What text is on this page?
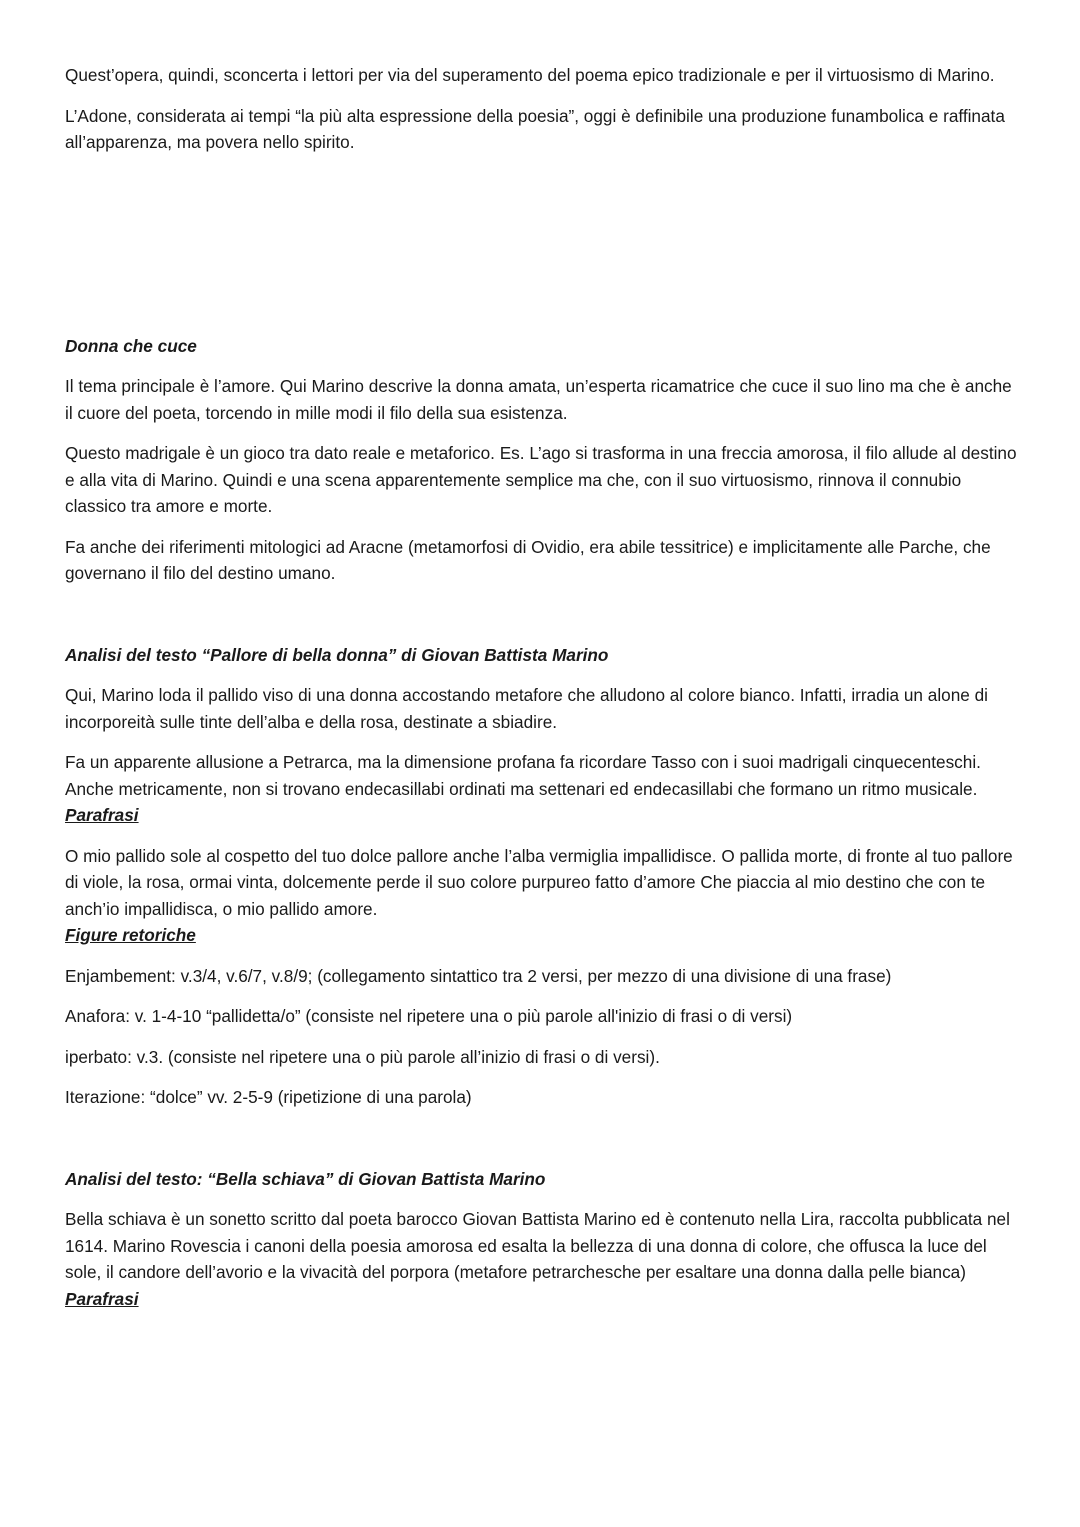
Quest’opera, quindi, sconcerta i lettori per via del superamento del poema epico tradizionale e per il virtuosismo di Marino.

L’Adone, considerata ai tempi “la più alta espressione della poesia”, oggi è definibile una produzione funambolica e raffinata all’apparenza, ma povera nello spirito.

Donna che cuce

Il tema principale è l’amore. Qui Marino descrive la donna amata, un’esperta ricamatrice che cuce il suo lino ma che è anche il cuore del poeta, torcendo in mille modi il filo della sua esistenza.

Questo madrigale è un gioco tra dato reale e metaforico. Es. L’ago si trasforma in una freccia amorosa, il filo allude al destino e alla vita di Marino. Quindi e una scena apparentemente semplice ma che, con il suo virtuosismo, rinnova il connubio classico tra amore e morte.

Fa anche dei riferimenti mitologici ad Aracne (metamorfosi di Ovidio, era abile tessitrice) e implicitamente alle Parche, che governano il filo del destino umano.

Analisi del testo “Pallore di bella donna” di Giovan Battista Marino

Qui, Marino loda il pallido viso di una donna accostando metafore che alludono al colore bianco. Infatti, irradia un alone di incorporeità sulle tinte dell’alba e della rosa, destinate a sbiadire.

Fa un apparente allusione a Petrarca, ma la dimensione profana fa ricordare Tasso con i suoi madrigali cinquecenteschi. Anche metricamente, non si trovano endecasillabi ordinati ma settenari ed endecasillabi che formano un ritmo musicale.

Parafrasi

O mio pallido sole al cospetto del tuo dolce pallore anche l’alba vermiglia impallidisce. O pallida morte, di fronte al tuo pallore di viole, la rosa, ormai vinta, dolcemente perde il suo colore purpureo fatto d’amore Che piaccia al mio destino che con te anch’io impallidisca, o mio pallido amore.

Figure retoriche

Enjambement: v.3/4, v.6/7, v.8/9; (collegamento sintattico tra 2 versi, per mezzo di una divisione di una frase)

Anafora: v. 1-4-10 “pallidetta/o” (consiste nel ripetere una o più parole all'inizio di frasi o di versi)

iperbato: v.3. (consiste nel ripetere una o più parole all’inizio di frasi o di versi).

Iterazione: “dolce” vv. 2-5-9 (ripetizione di una parola)

Analisi del testo: “Bella schiava” di Giovan Battista Marino

Bella schiava è un sonetto scritto dal poeta barocco Giovan Battista Marino ed è contenuto nella Lira, raccolta pubblicata nel 1614. Marino Rovescia i canoni della poesia amorosa ed esalta la bellezza di una donna di colore, che offusca la luce del sole, il candore dell’avorio e la vivacità del porpora (metafore petrarchesche per esaltare una donna dalla pelle bianca)

Parafrasi
